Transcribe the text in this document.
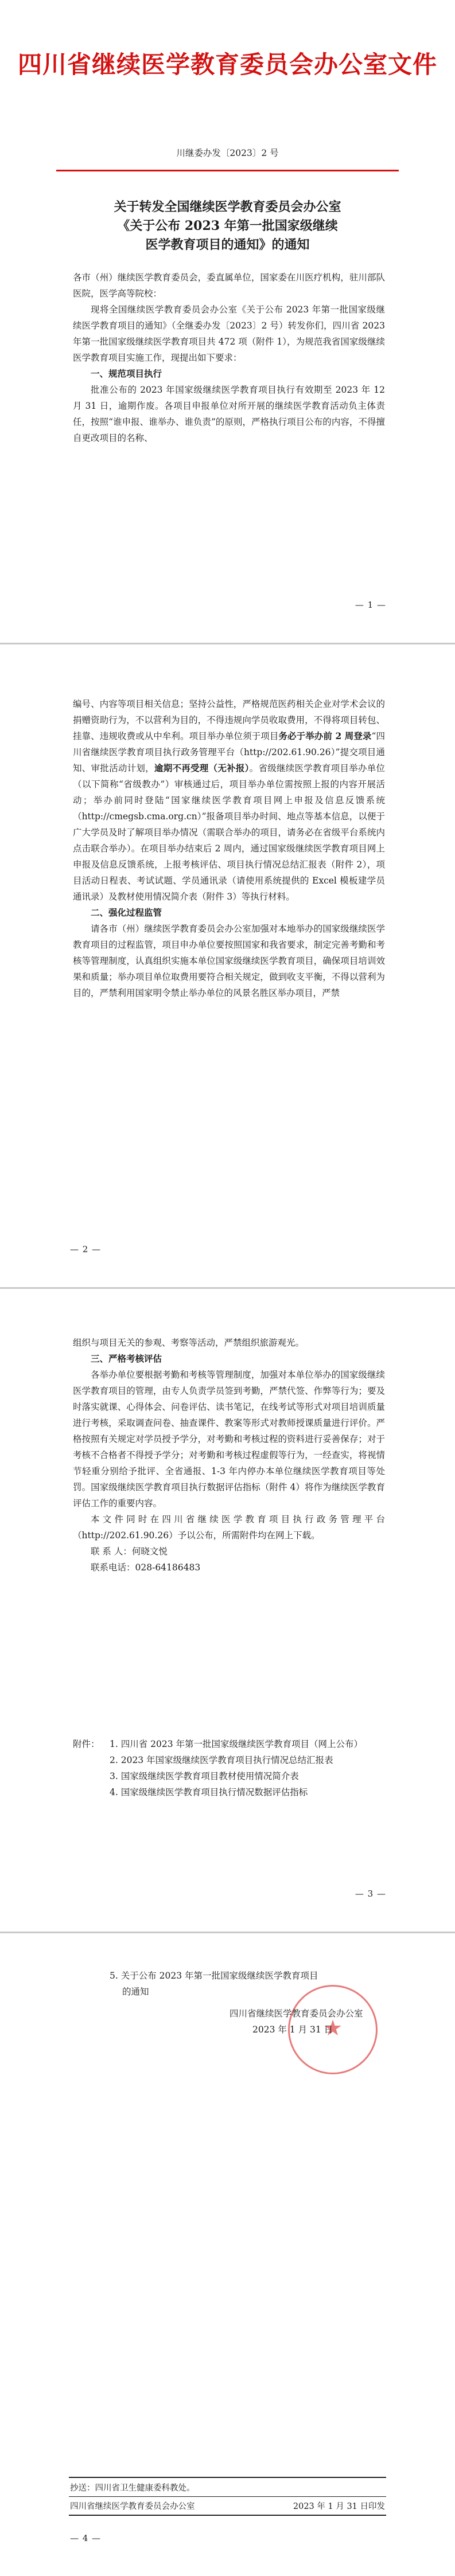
四川省继续医学教育委员会办公室文件
川继委办发〔2023〕2 号
关于转发全国继续医学教育委员会办公室
《关于公布 2023 年第一批国家级继续
医学教育项目的通知》的通知

各市（州）继续医学教育委员会，委直属单位，国家委在川医疗机构，驻川部队医院，医学高等院校：

现将全国继续医学教育委员会办公室《关于公布 2023 年第一批国家级继续医学教育项目的通知》（全继委办发〔2023〕2 号）转发你们，四川省 2023 年第一批国家级继续医学教育项目共 472 项（附件 1），为规范我省国家级继续医学教育项目实施工作，现提出如下要求：

一、规范项目执行

批准公布的 2023 年国家级继续医学教育项目执行有效期至 2023 年 12 月 31 日，逾期作废。各项目申报单位对所开展的继续医学教育活动负主体责任，按照“谁申报、谁举办、谁负责”的原则，严格执行项目公布的内容，不得擅自更改项目的名称、

— 1 —

编号、内容等项目相关信息；坚持公益性，严格规范医药相关企业对学术会议的捐赠资助行为，不以营利为目的，不得违规向学员收取费用，不得将项目转包、挂靠、违规收费或从中牟利。项目举办单位须于项目务必于举办前 2 周登录“四川省继续医学教育项目执行政务管理平台（http://202.61.90.26）”提交项目通知、审批活动计划，逾期不再受理（无补报）。省级继续医学教育项目举办单位（以下简称“省级教办”）审核通过后，项目举办单位需按照上报的内容开展活动；举办前同时登陆“国家继续医学教育项目网上申报及信息反馈系统（http://cmegsb.cma.org.cn）”报备项目举办时间、地点等基本信息，以便于广大学员及时了解项目举办情况（需联合举办的项目，请务必在省级平台系统内点击联合举办）。在项目举办结束后 2 周内，通过国家级继续医学教育项目网上申报及信息反馈系统，上报考核评估、项目执行情况总结汇报表（附件 2），项目活动日程表、考试试题、学员通讯录（请使用系统提供的 Excel 模板建学员通讯录）及教材使用情况简介表（附件 3）等执行材料。

二、强化过程监管

请各市（州）继续医学教育委员会办公室加强对本地举办的国家级继续医学教育项目的过程监管，项目申办单位要按照国家和我省要求，制定完善考勤和考核等管理制度，认真组织实施本单位国家级继续医学教育项目，确保项目培训效果和质量；举办项目单位取费用要符合相关规定，做到收支平衡，不得以营利为目的，严禁利用国家明令禁止举办单位的风景名胜区举办项目，严禁

— 2 —

组织与项目无关的参观、考察等活动，严禁组织旅游观光。

三、严格考核评估

各举办单位要根据考勤和考核等管理制度，加强对本单位举办的国家级继续医学教育项目的管理，由专人负责学员签到考勤，严禁代签、作弊等行为；要及时落实就课、心得体会、问卷评估、读书笔记，在线考试等形式对项目培训质量进行考核，采取调查问卷、抽查课件、教案等形式对教师授课质量进行评价。严格按照有关规定对学员授予学分，对考勤和考核过程的资料进行妥善保存；对于考核不合格者不得授予学分；对考勤和考核过程虚假等行为，一经查实，将视情节轻重分别给予批评、全省通报、1-3 年内停办本单位继续医学教育项目等处罚。国家级继续医学教育项目执行数据评估指标（附件 4）将作为继续医学教育评估工作的重要内容。

本文件同时在四川省继续医学教育项目执行政务管理平台（http://202.61.90.26）予以公布，所需附件均在网上下载。

联 系 人：何晓文悦

联系电话：028-64186483

附件：	1. 四川省 2023 年第一批国家级继续医学教育项目（网上公布）
2. 2023 年国家级继续医学教育项目执行情况总结汇报表
3. 国家级继续医学教育项目教材使用情况简介表
4. 国家级继续医学教育项目执行情况数据评估指标
— 3 —
5. 关于公布 2023 年第一批国家级继续医学教育项目
的通知
★
四川省继续医学教育委员会办公室
2023 年 1 月 31 日
抄送：四川省卫生健康委科教处。
四川省继续医学教育委员会办公室	2023 年 1 月 31 日印发
— 4 —
